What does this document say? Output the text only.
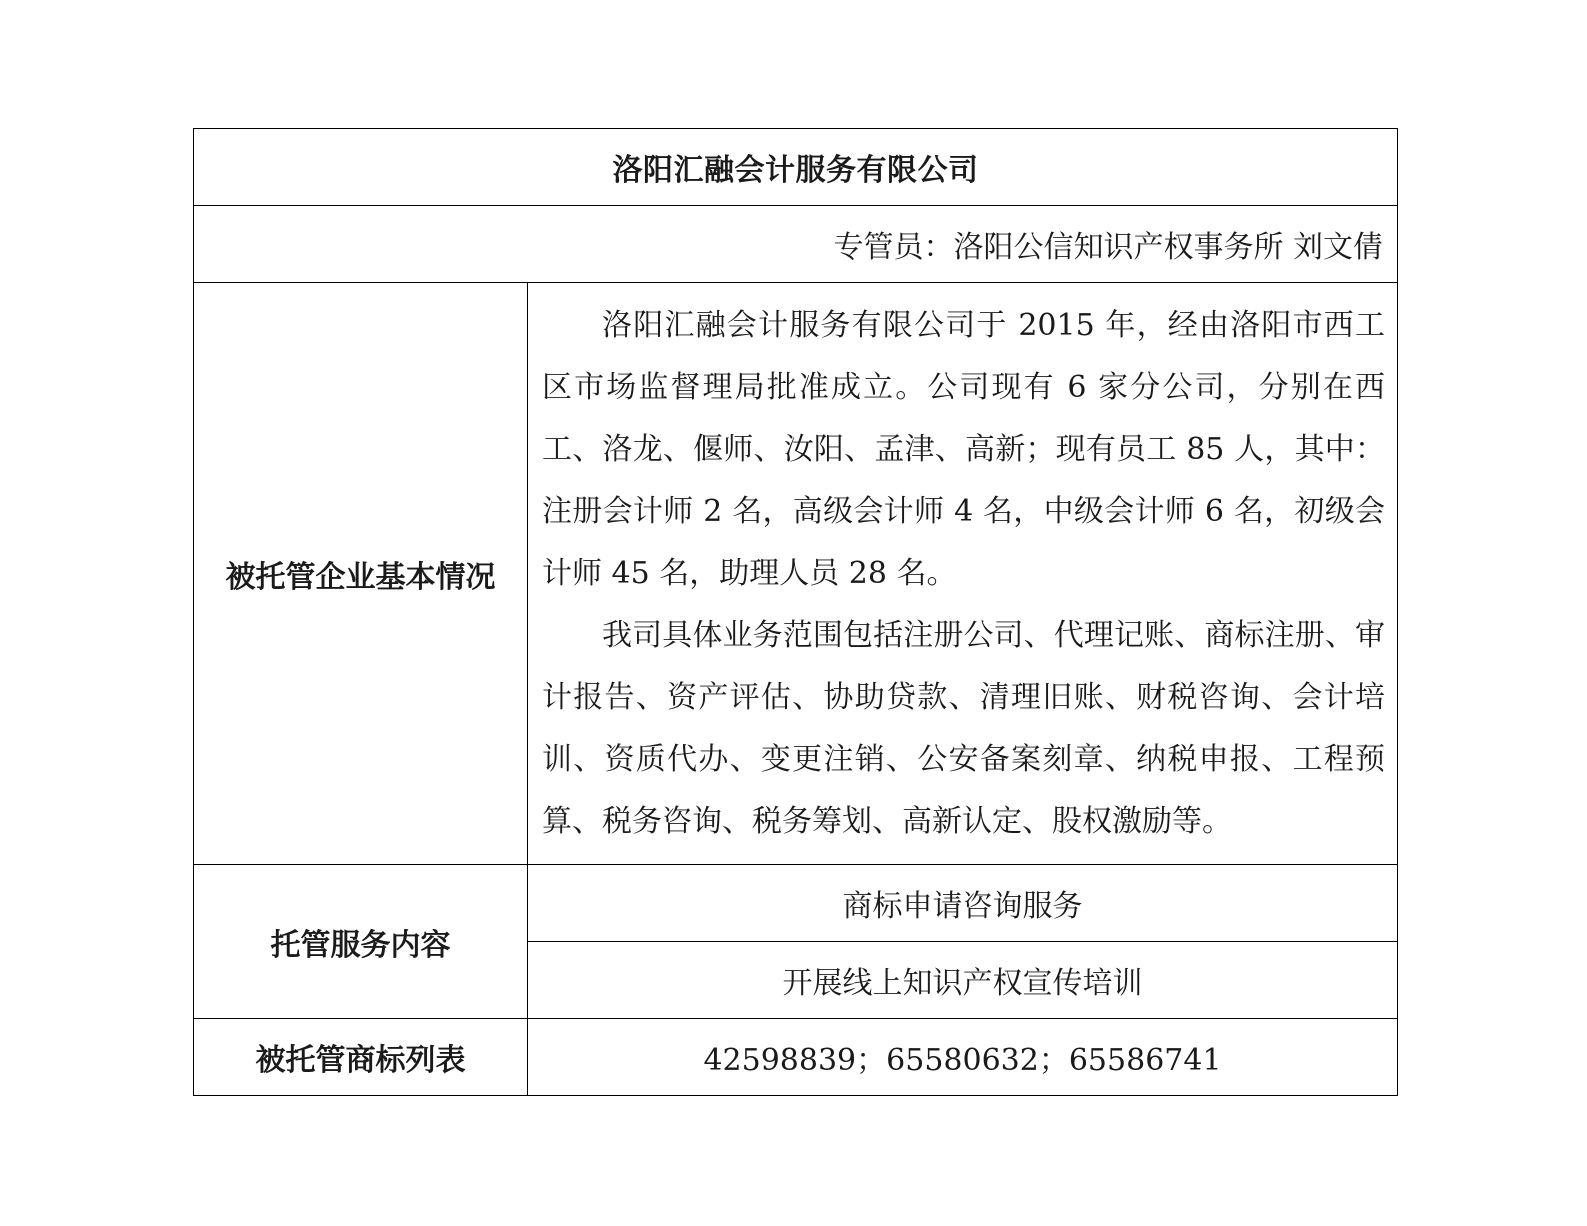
洛阳汇融会计服务有限公司	
专管员：洛阳公信知识产权事务所 刘文倩	
被托管企业基本情况	洛阳汇融会计服务有限公司于 2015 年，经由洛阳市西工区市场监督理局批准成立。公司现有 6 家分公司，分别在西工、洛龙、偃师、汝阳、孟津、高新；现有员工 85 人，其中：注册会计师 2 名，高级会计师 4 名，中级会计师 6 名，初级会计师 45 名，助理人员 28 名。

我司具体业务范围包括注册公司、代理记账、商标注册、审计报告、资产评估、协助贷款、清理旧账、财税咨询、会计培训、资质代办、变更注销、公安备案刻章、纳税申报、工程预算、税务咨询、税务筹划、高新认定、股权激励等。

托管服务内容	商标申请咨询服务
	开展线上知识产权宣传培训
被托管商标列表	42598839；65580632；65586741
